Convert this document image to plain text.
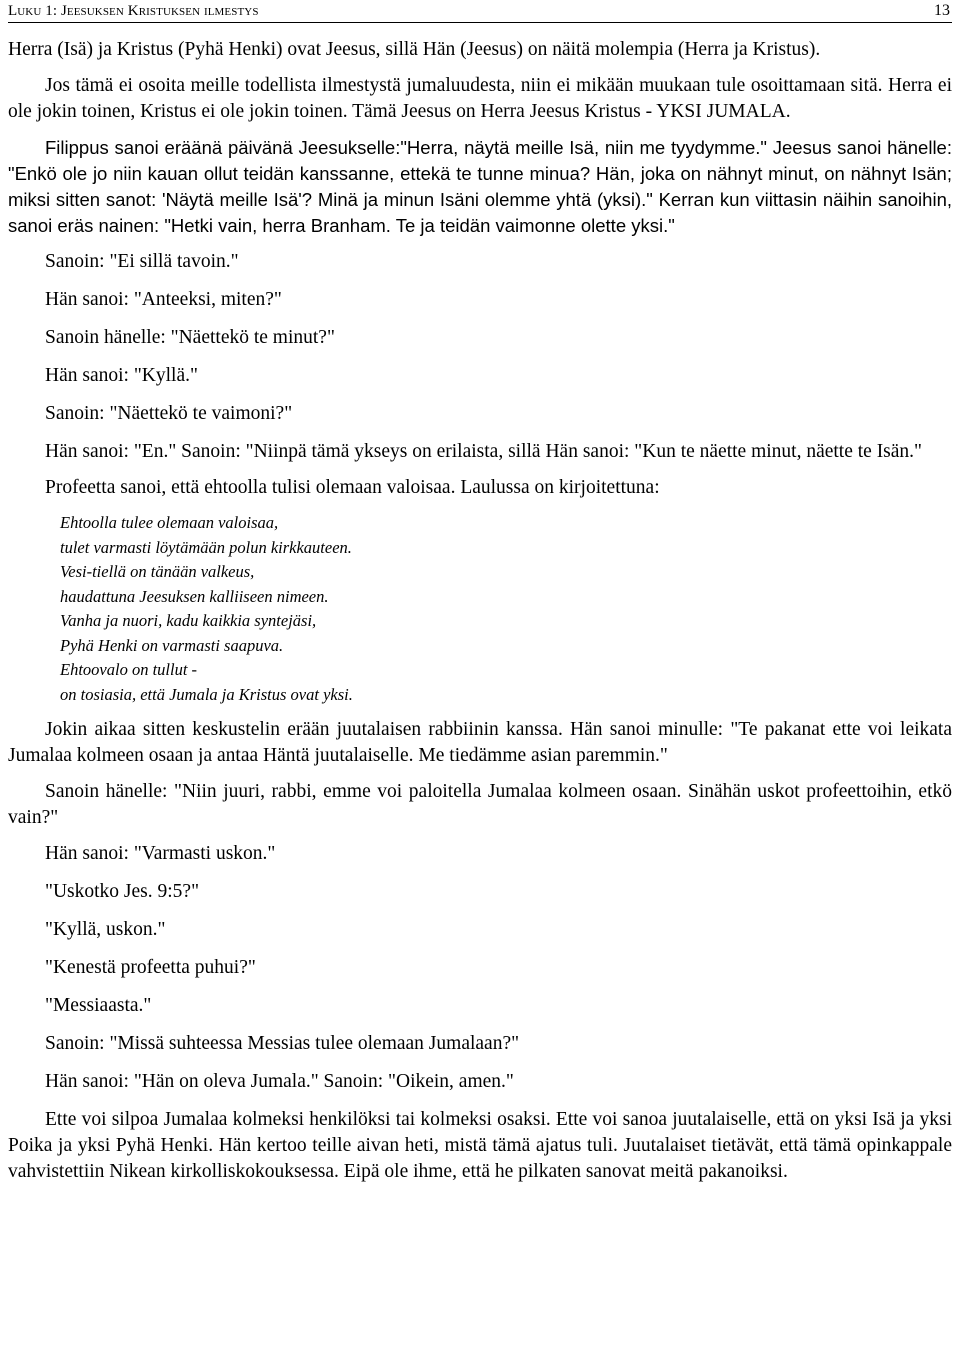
Luku 1: Jeesuksen Kristuksen ilmestys	13

Herra (Isä) ja Kristus (Pyhä Henki) ovat Jeesus, sillä Hän (Jeesus) on näitä molempia (Herra ja Kristus).

Jos tämä ei osoita meille todellista ilmestystä jumaluudesta, niin ei mikään muukaan tule osoittamaan sitä. Herra ei ole jokin toinen, Kristus ei ole jokin toinen. Tämä Jeesus on Herra Jeesus Kristus - YKSI JUMALA.

Filippus sanoi eräänä päivänä Jeesukselle:"Herra, näytä meille Isä, niin me tyydymme." Jeesus sanoi hänelle: "Enkö ole jo niin kauan ollut teidän kanssanne, ettekä te tunne minua? Hän, joka on nähnyt minut, on nähnyt Isän; miksi sitten sanot: 'Näytä meille Isä'? Minä ja minun Isäni olemme yhtä (yksi)." Kerran kun viittasin näihin sanoihin, sanoi eräs nainen: "Hetki vain, herra Branham. Te ja teidän vaimonne olette yksi."

Sanoin: "Ei sillä tavoin."

Hän sanoi: "Anteeksi, miten?"

Sanoin hänelle: "Näettekö te minut?"

Hän sanoi: "Kyllä."

Sanoin: "Näettekö te vaimoni?"

Hän sanoi: "En." Sanoin: "Niinpä tämä ykseys on erilaista, sillä Hän sanoi: "Kun te näette minut, näette te Isän."

Profeetta sanoi, että ehtoolla tulisi olemaan valoisaa. Laulussa on kirjoitettuna:

Ehtoolla tulee olemaan valoisaa,
tulet varmasti löytämään polun kirkkauteen.
Vesi-tiellä on tänään valkeus,
haudattuna Jeesuksen kalliiseen nimeen.
Vanha ja nuori, kadu kaikkia syntejäsi,
Pyhä Henki on varmasti saapuva.
Ehtoovalo on tullut -
on tosiasia, että Jumala ja Kristus ovat yksi.

Jokin aikaa sitten keskustelin erään juutalaisen rabbiinin kanssa. Hän sanoi minulle: "Te pakanat ette voi leikata Jumalaa kolmeen osaan ja antaa Häntä juutalaiselle. Me tiedämme asian paremmin."

Sanoin hänelle: "Niin juuri, rabbi, emme voi paloitella Jumalaa kolmeen osaan. Sinähän uskot profeettoihin, etkö vain?"

Hän sanoi: "Varmasti uskon."

"Uskotko Jes. 9:5?"

"Kyllä, uskon."

"Kenestä profeetta puhui?"

"Messiaasta."

Sanoin: "Missä suhteessa Messias tulee olemaan Jumalaan?"

Hän sanoi: "Hän on oleva Jumala." Sanoin: "Oikein, amen."

Ette voi silpoa Jumalaa kolmeksi henkilöksi tai kolmeksi osaksi. Ette voi sanoa juutalaiselle, että on yksi Isä ja yksi Poika ja yksi Pyhä Henki. Hän kertoo teille aivan heti, mistä tämä ajatus tuli. Juutalaiset tietävät, että tämä opinkappale vahvistettiin Nikean kirkolliskokouksessa. Eipä ole ihme, että he pilkaten sanovat meitä pakanoiksi.
